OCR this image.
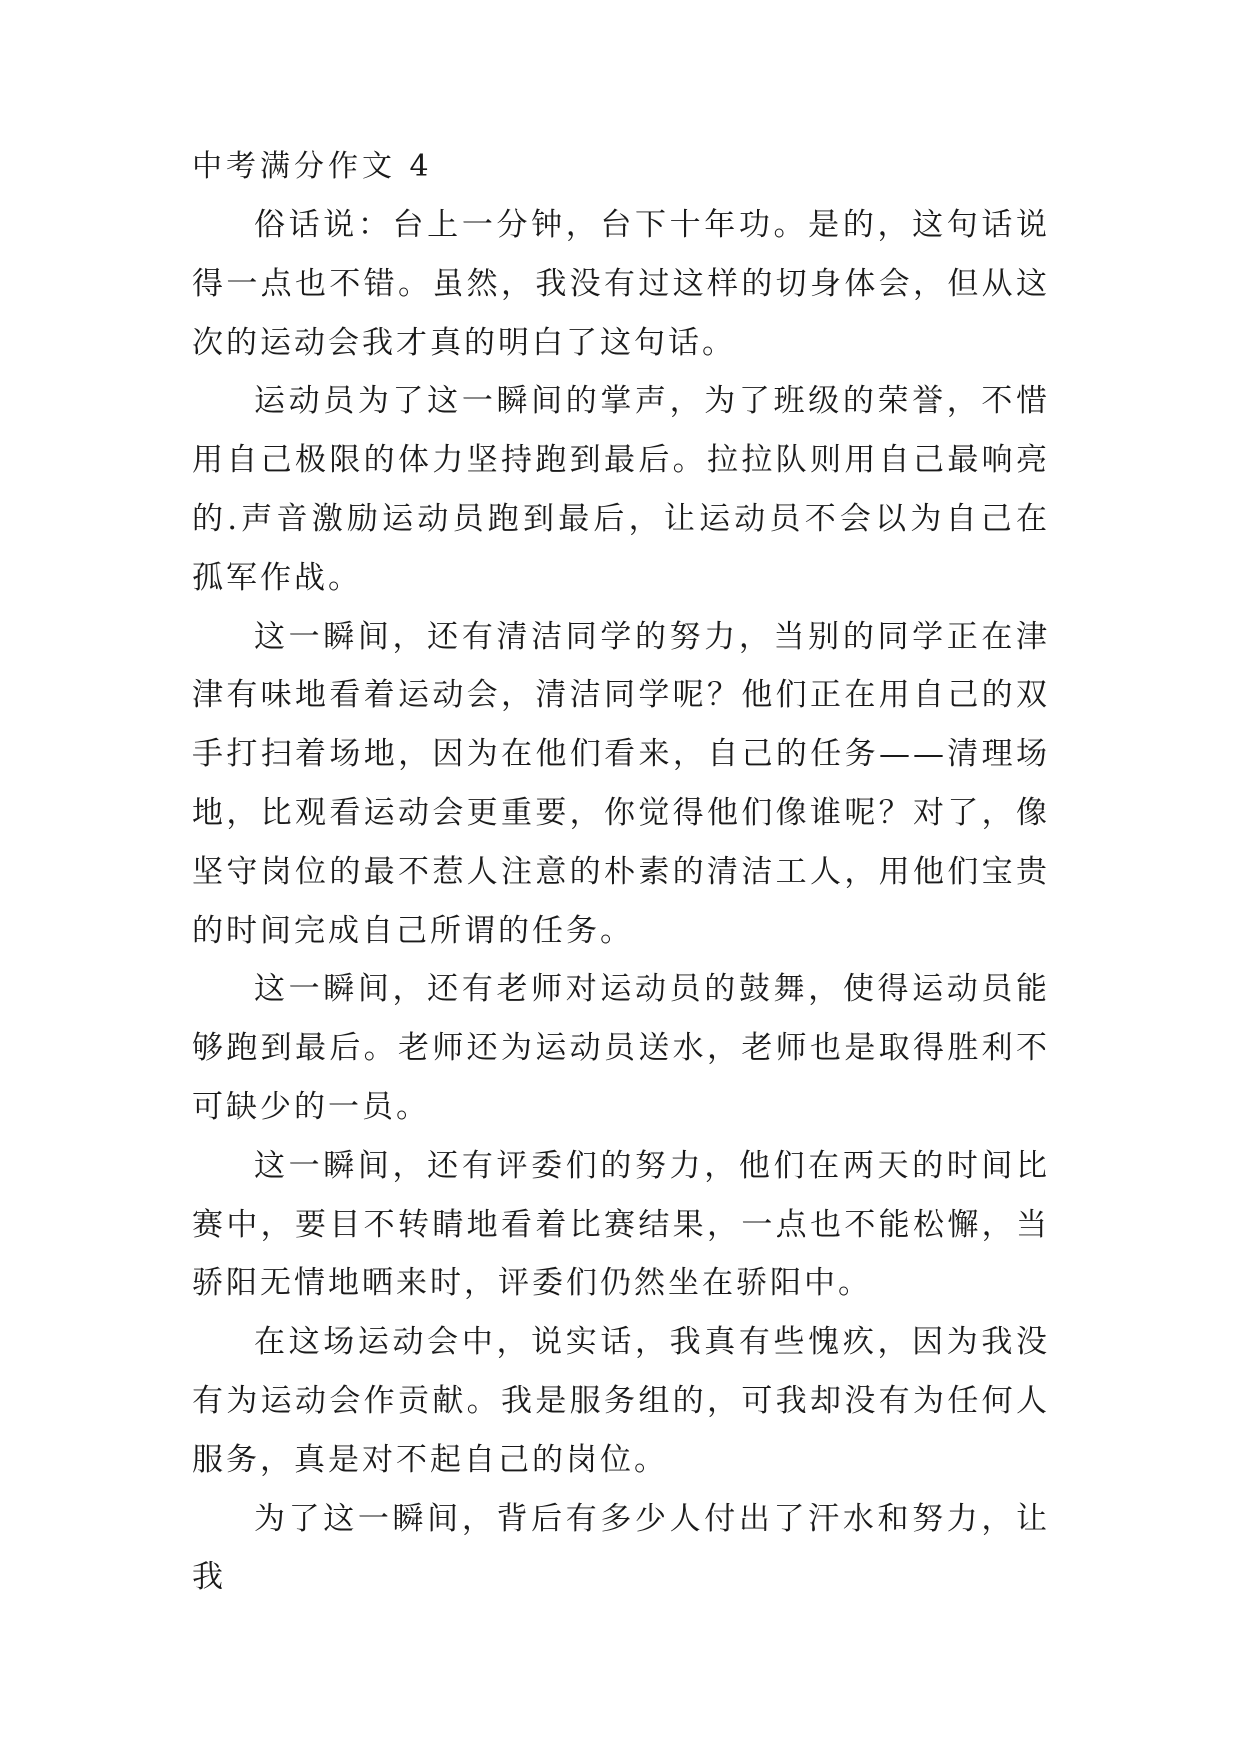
中考满分作文 4

俗话说：台上一分钟，台下十年功。是的，这句话说得一点也不错。虽然，我没有过这样的切身体会，但从这次的运动会我才真的明白了这句话。

运动员为了这一瞬间的掌声，为了班级的荣誉，不惜用自己极限的体力坚持跑到最后。拉拉队则用自己最响亮的.声音激励运动员跑到最后，让运动员不会以为自己在孤军作战。

这一瞬间，还有清洁同学的努力，当别的同学正在津津有味地看着运动会，清洁同学呢？他们正在用自己的双手打扫着场地，因为在他们看来，自己的任务——清理场地，比观看运动会更重要，你觉得他们像谁呢？对了，像坚守岗位的最不惹人注意的朴素的清洁工人，用他们宝贵的时间完成自己所谓的任务。

这一瞬间，还有老师对运动员的鼓舞，使得运动员能够跑到最后。老师还为运动员送水，老师也是取得胜利不可缺少的一员。

这一瞬间，还有评委们的努力，他们在两天的时间比赛中，要目不转睛地看着比赛结果，一点也不能松懈，当骄阳无情地晒来时，评委们仍然坐在骄阳中。

在这场运动会中，说实话，我真有些愧疚，因为我没有为运动会作贡献。我是服务组的，可我却没有为任何人服务，真是对不起自己的岗位。

为了这一瞬间，背后有多少人付出了汗水和努力，让我
